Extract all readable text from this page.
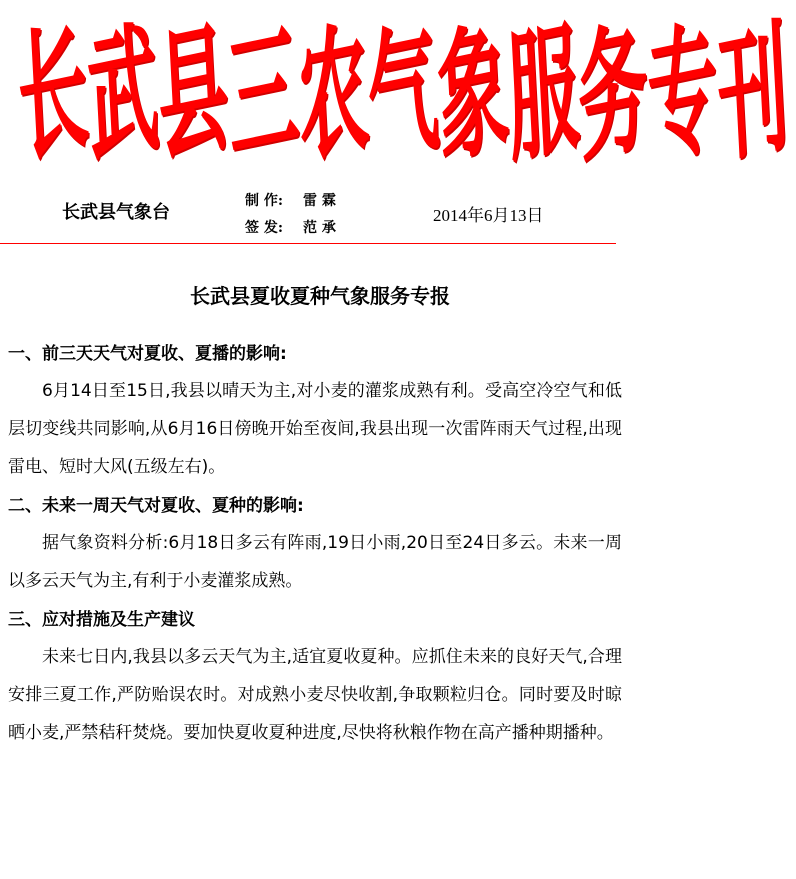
长
武
县
三
农
气
象
服
务
专
刊
长武县气象台
制 作: 雷 霖
签 发: 范 承
2014年6月13日
长武县夏收夏种气象服务专报
一、前三天天气对夏收、夏播的影响:

6月14日至15日,我县以晴天为主,对小麦的灌浆成熟有利。受高空冷空气和低层切变线共同影响,从6月16日傍晚开始至夜间,我县出现一次雷阵雨天气过程,出现雷电、短时大风(五级左右)。

二、未来一周天气对夏收、夏种的影响:

据气象资料分析:6月18日多云有阵雨,19日小雨,20日至24日多云。未来一周以多云天气为主,有利于小麦灌浆成熟。

三、应对措施及生产建议

未来七日内,我县以多云天气为主,适宜夏收夏种。应抓住未来的良好天气,合理安排三夏工作,严防贻误农时。对成熟小麦尽快收割,争取颗粒归仓。同时要及时晾晒小麦,严禁秸秆焚烧。要加快夏收夏种进度,尽快将秋粮作物在高产播种期播种。
